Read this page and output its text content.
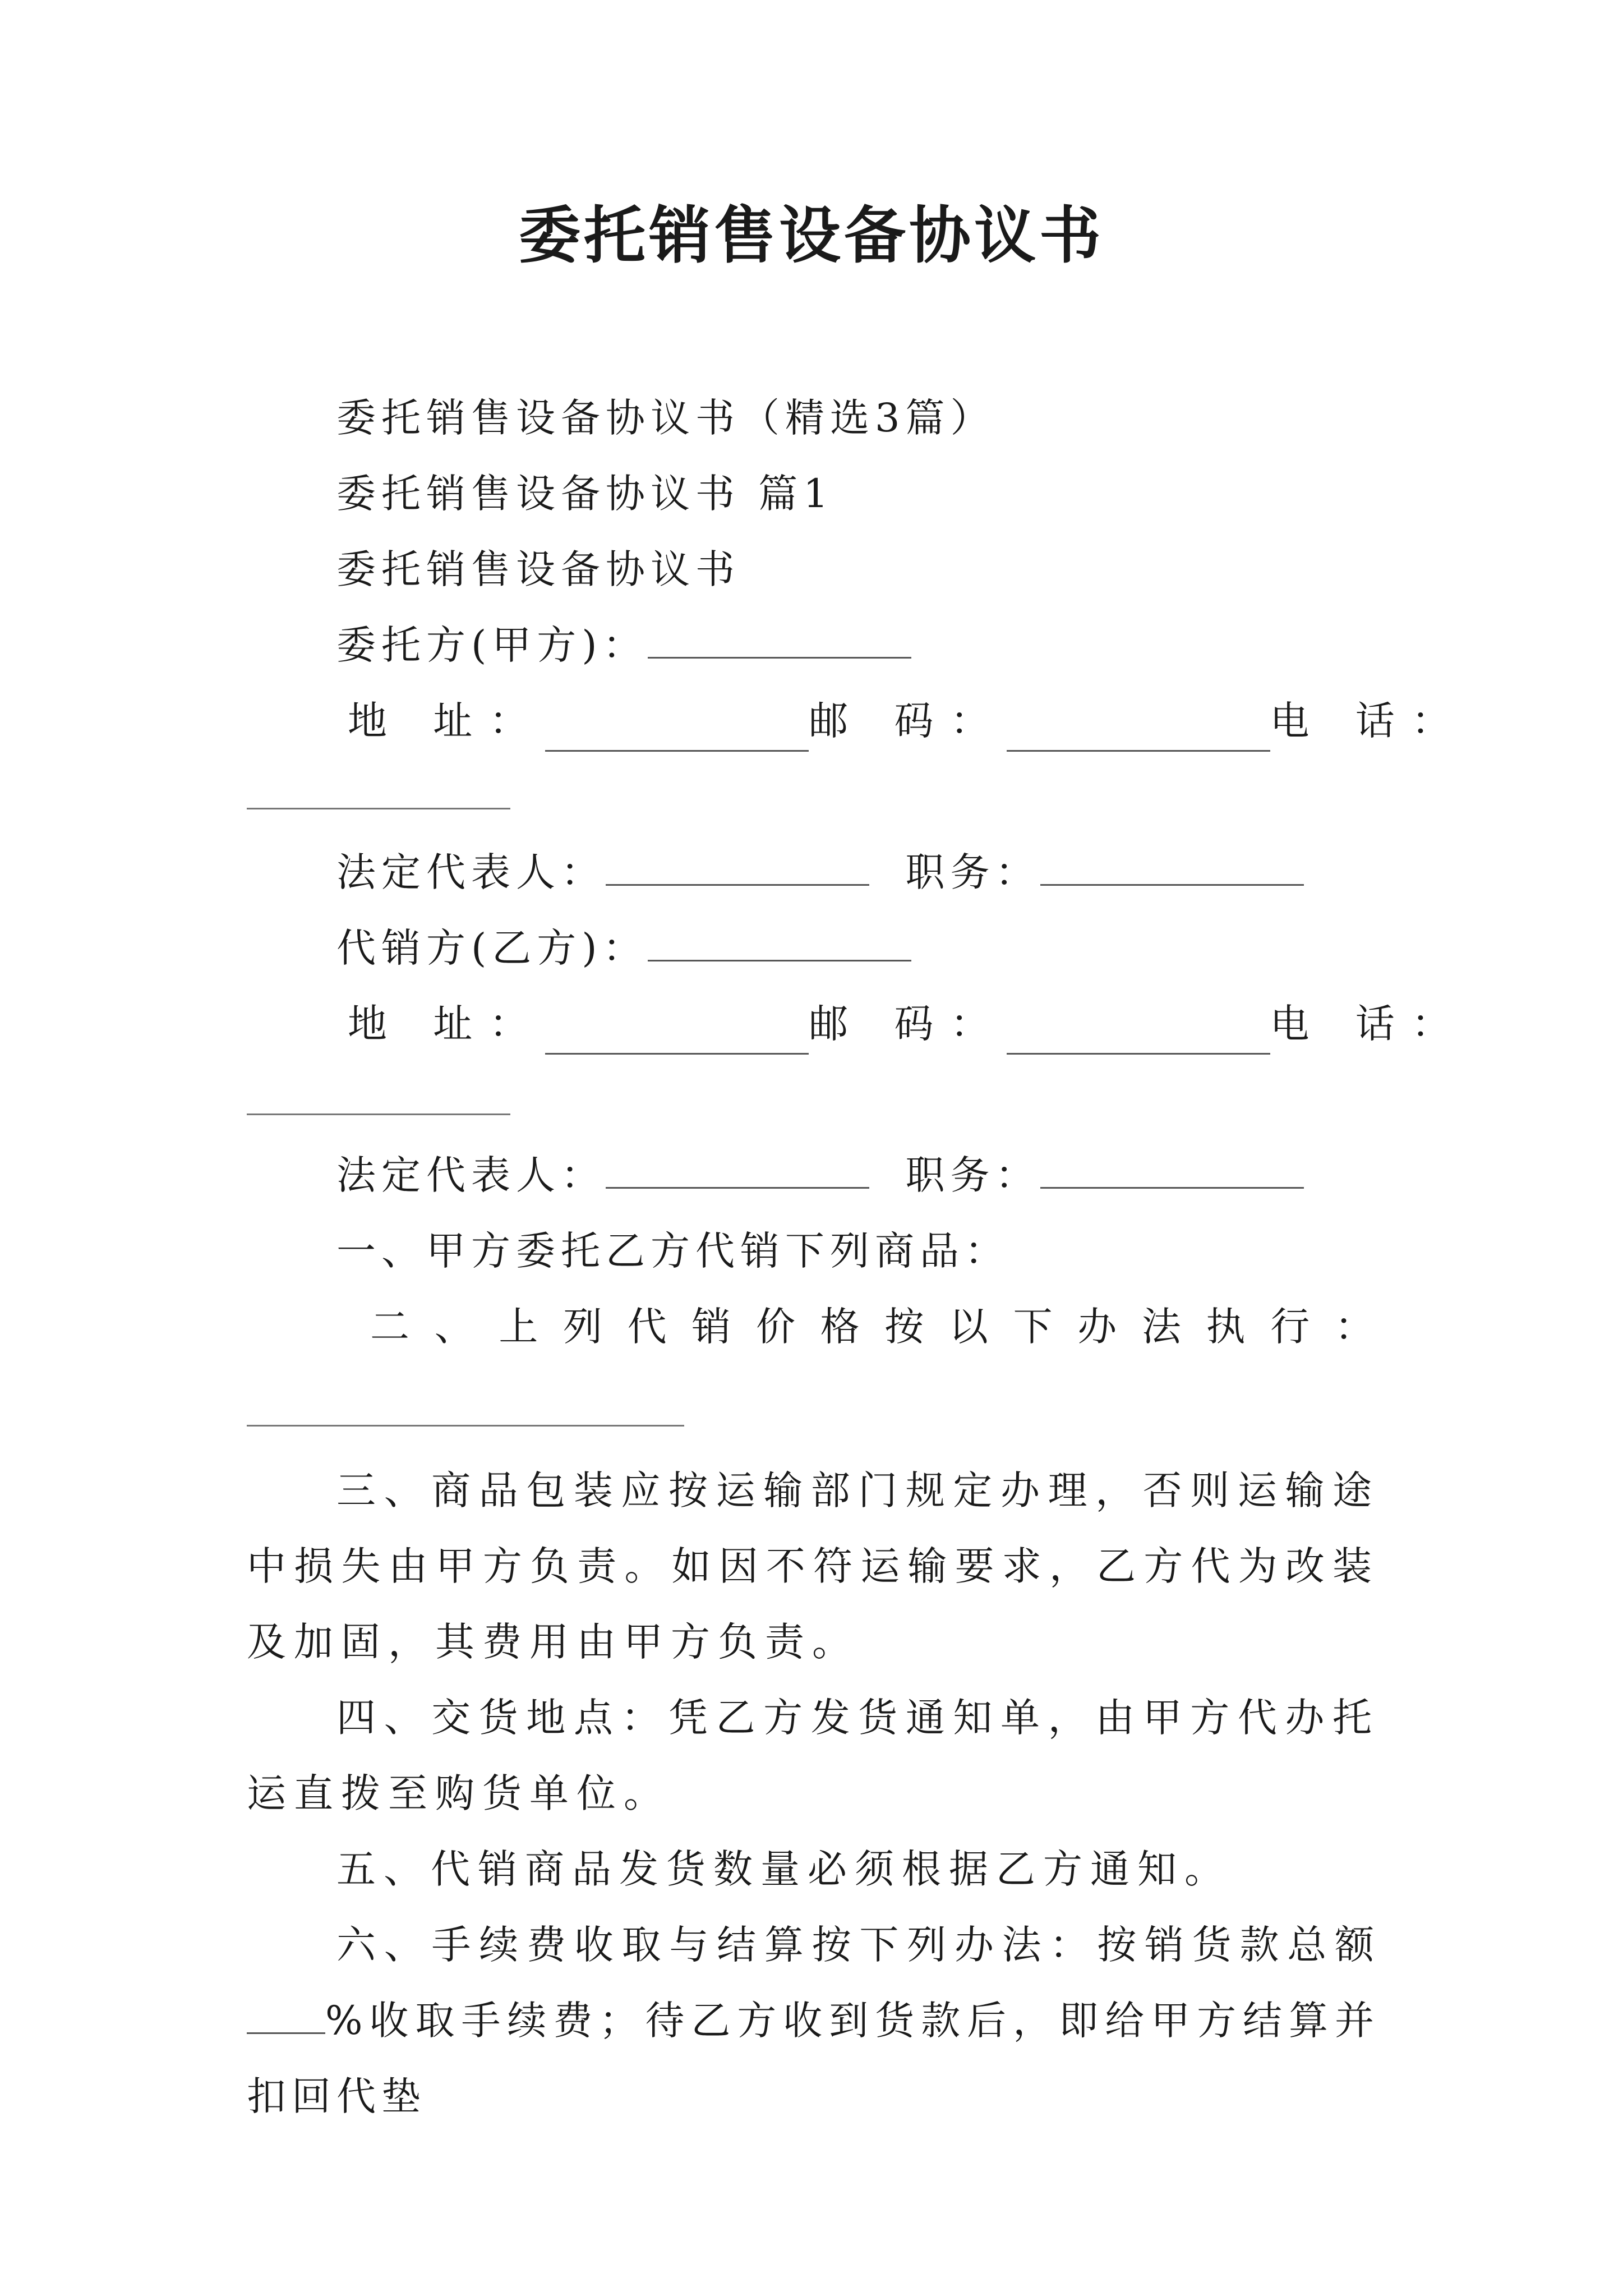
委托销售设备协议书
委托销售设备协议书（精选3篇）
委托销售设备协议书 篇1
委托销售设备协议书
委托方(甲方)：
地 址：	邮 码：	电 话：
法定代表人：	职务：
代销方(乙方)：
地 址：	邮 码：	电 话：
法定代表人：	职务：
一、甲方委托乙方代销下列商品：
二 、 上 列 代 销 价 格 按 以 下 办 法 执 行 ：
三、商品包装应按运输部门规定办理，否则运输途中损失由甲方负责。如因不符运输要求，乙方代为改装及加固，其费用由甲方负责。
四、交货地点：凭乙方发货通知单，由甲方代办托运直拨至购货单位。
五、代销商品发货数量必须根据乙方通知。
六、手续费收取与结算按下列办法：按销货款总额%收取手续费；待乙方收到货款后，即给甲方结算并扣回代垫
